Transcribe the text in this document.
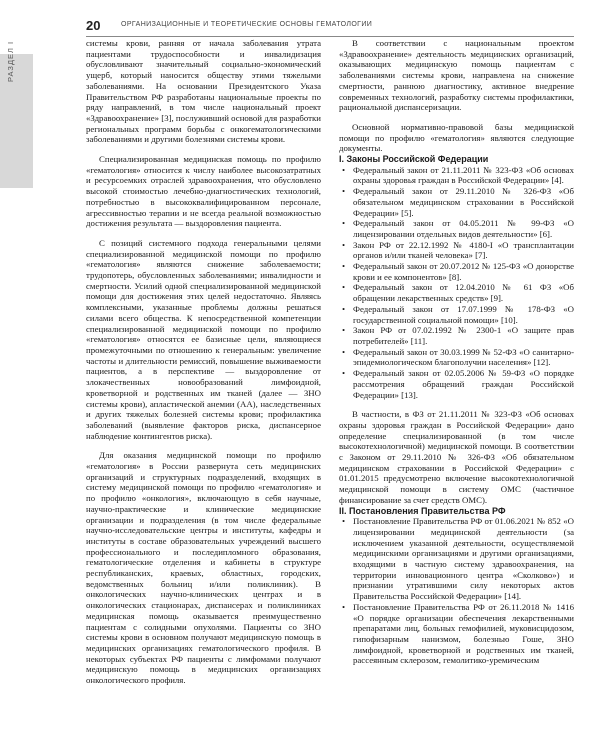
РАЗДЕЛ I
20	ОРГАНИЗАЦИОННЫЕ И ТЕОРЕТИЧЕСКИЕ ОСНОВЫ ГЕМАТОЛОГИИ

системы крови, ранняя от начала заболевания утрата пациентами трудоспособности и инвалидизация обусловливают значительный социально-экономический ущерб, который наносится обществу этими тяжелыми заболеваниями. На основании Президентского Указа Правительством РФ разработаны национальные проекты по ряду направлений, в том числе национальный проект «Здравоохранение» [3], послуживший основой для разработки региональных программ борьбы с онкогематологическими заболеваниями и другими болезнями системы крови.

Специализированная медицинская помощь по профилю «гематология» относится к числу наиболее высокозатратных и ресурсоемких отраслей здравоохранения, что обусловлено высокой стоимостью лечебно-диагностических технологий, потребностью в высококвалифицированном персонале, агрессивностью терапии и не всегда реальной возможностью достижения результата — выздоровления пациента.

С позиций системного подхода генеральными целями специализированной медицинской помощи по профилю «гематология» являются снижение заболеваемости; трудопотерь, обусловленных заболеваниями; инвалидности и смертности. Усилий одной специализированной медицинской помощи для достижения этих целей недостаточно. Являясь комплексными, указанные проблемы должны решаться силами всего общества. К непосредственной компетенции специализированной медицинской помощи по профилю «гематология» относятся ее базисные цели, являющиеся промежуточными по отношению к генеральным: увеличение частоты и длительности ремиссий, повышение выживаемости пациентов, а в перспективе — выздоровление от злокачественных новообразований лимфоидной, кроветворной и родственных им тканей (далее — ЗНО системы крови), апластической анемии (АА), наследственных и других тяжелых болезней системы крови; профилактика заболеваний (выявление факторов риска, диспансерное наблюдение контингентов риска).

Для оказания медицинской помощи по профилю «гематология» в России развернута сеть медицинских организаций и структурных подразделений, входящих в систему медицинской помощи по профилю «гематология» и по профилю «онкология», включающую в себя научные, научно-практические и клинические медицинские организации и подразделения (в том числе федеральные научно-исследовательские центры и институты, кафедры и институты в составе образовательных учреждений высшего профессионального и последипломного образования, гематологические отделения и кабинеты в структуре республиканских, краевых, областных, городских, ведомственных больниц и/или поликлиник). В онкологических научно-клинических центрах и в онкологических стационарах, диспансерах и поликлиниках медицинская помощь оказывается преимущественно пациентам с солидными опухолями. Пациенты со ЗНО системы крови в основном получают медицинскую помощь в медицинских организациях гематологического профиля. В некоторых субъектах РФ пациенты с лимфомами получают медицинскую помощь в медицинских организациях онкологического профиля.

В соответствии с национальным проектом «Здравоохранение» деятельность медицинских организаций, оказывающих медицинскую помощь пациентам с заболеваниями системы крови, направлена на снижение смертности, раннюю диагностику, активное внедрение современных технологий, разработку системы профилактики, рациональной диспансеризации.

Основной нормативно-правовой базы медицинской помощи по профилю «гематология» являются следующие документы.

I. Законы Российской Федерации
• Федеральный закон от 21.11.2011 № 323-ФЗ «Об основах охраны здоровья граждан в Российской Федерации» [4].
• Федеральный закон от 29.11.2010 № 326-ФЗ «Об обязательном медицинском страховании в Российской Федерации» [5].
• Федеральный закон от 04.05.2011 № 99-ФЗ «О лицензировании отдельных видов деятельности» [6].
• Закон РФ от 22.12.1992 № 4180-I «О трансплантации органов и/или тканей человека» [7].
• Федеральный закон от 20.07.2012 № 125-ФЗ «О донорстве крови и ее компонентов» [8].
• Федеральный закон от 12.04.2010 № 61 ФЗ «Об обращении лекарственных средств» [9].
• Федеральный закон от 17.07.1999 № 178-ФЗ «О государственной социальной помощи» [10].
• Закон РФ от 07.02.1992 № 2300-1 «О защите прав потребителей» [11].
• Федеральный закон от 30.03.1999 № 52-ФЗ «О санитарно-эпидемиологическом благополучии населения» [12].
• Федеральный закон от 02.05.2006 № 59-ФЗ «О порядке рассмотрения обращений граждан Российской Федерации» [13].

В частности, в ФЗ от 21.11.2011 № 323-ФЗ «Об основах охраны здоровья граждан в Российской Федерации» дано определение специализированной (в том числе высокотехнологичной) медицинской помощи. В соответствии с Законом от 29.11.2010 № 326-ФЗ «Об обязательном медицинском страховании в Российской Федерации» с 01.01.2015 предусмотрено включение высокотехнологичной медицинской помощи в систему ОМС (частичное финансирование за счет средств ОМС).

II. Постановления Правительства РФ
• Постановление Правительства РФ от 01.06.2021 № 852 «О лицензировании медицинской деятельности (за исключением указанной деятельности, осуществляемой медицинскими организациями и другими организациями, входящими в частную систему здравоохранения, на территории инновационного центра «Сколково») и признании утратившими силу некоторых актов Правительства Российской Федерации» [14].
• Постановление Правительства РФ от 26.11.2018 № 1416 «О порядке организации обеспечения лекарственными препаратами лиц, больных гемофилией, муковисцидозом, гипофизарным нанизмом, болезнью Гоше, ЗНО лимфоидной, кроветворной и родственных им тканей, рассеянным склерозом, гемолитико-уремическим
